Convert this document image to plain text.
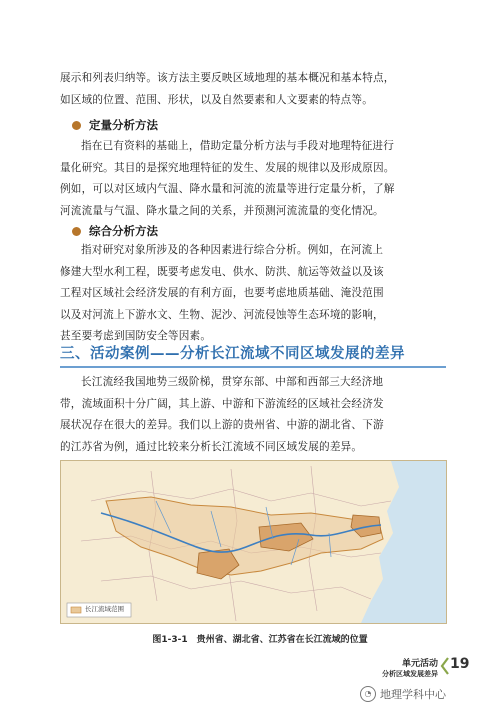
展示和列表归纳等。该方法主要反映区域地理的基本概况和基本特点，
如区域的位置、范围、形状，以及自然要素和人文要素的特点等。

定量分析方法

指在已有资料的基础上，借助定量分析方法与手段对地理特征进行
量化研究。其目的是探究地理特征的发生、发展的规律以及形成原因。
例如，可以对区域内气温、降水量和河流的流量等进行定量分析，了解
河流流量与气温、降水量之间的关系，并预测河流流量的变化情况。

综合分析方法

指对研究对象所涉及的各种因素进行综合分析。例如，在河流上
修建大型水利工程，既要考虑发电、供水、防洪、航运等效益以及该
工程对区域社会经济发展的有利方面，也要考虑地质基础、淹没范围
以及对河流上下游水文、生物、泥沙、河流侵蚀等生态环境的影响，
甚至要考虑到国防安全等因素。

三、活动案例——分析长江流域不同区域发展的差异

长江流经我国地势三级阶梯，贯穿东部、中部和西部三大经济地
带，流域面积十分广阔，其上游、中游和下游流经的区域社会经济发
展状况存在很大的差异。我们以上游的贵州省、中游的湖北省、下游
的江苏省为例，通过比较来分析长江流域不同区域发展的差异。

长江流域范围
图1-3-1　贵州省、湖北省、江苏省在长江流域的位置
单元活动
分析区域发展差异
19
◔ 地理学科中心
